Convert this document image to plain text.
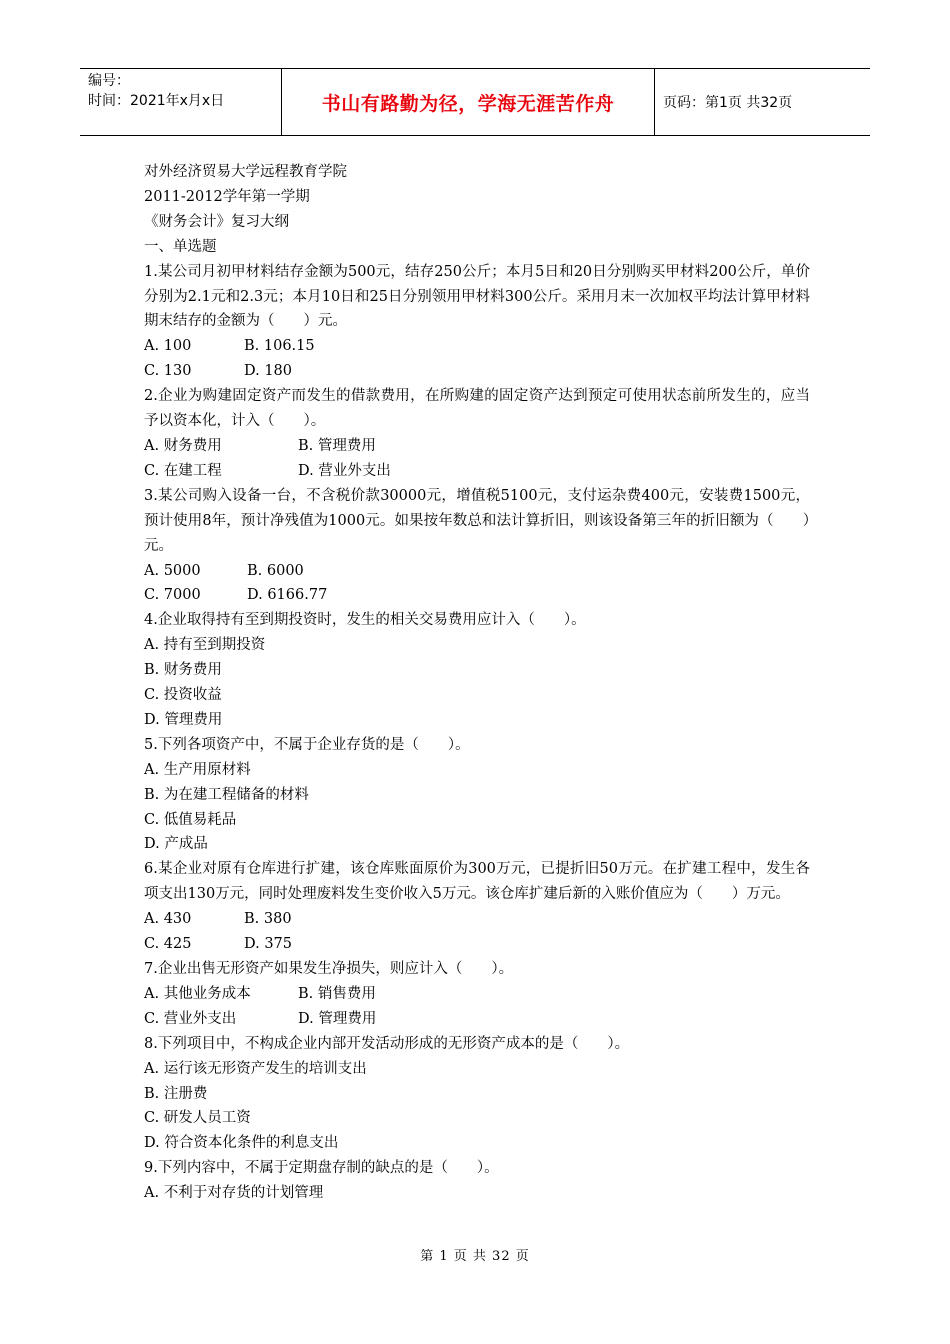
编号：
时间：2021年x月x日	书山有路勤为径，学海无涯苦作舟	页码：第1页 共32页
对外经济贸易大学远程教育学院
2011-2012学年第一学期
《财务会计》复习大纲
一、单选题
1.某公司月初甲材料结存金额为500元，结存250公斤；本月5日和20日分别购买甲材料200公斤，单价分别为2.1元和2.3元；本月10日和25日分别领用甲材料300公斤。采用月末一次加权平均法计算甲材料期末结存的金额为（　　）元。
A. 100	B. 106.15
C. 130	D. 180
2.企业为购建固定资产而发生的借款费用，在所购建的固定资产达到预定可使用状态前所发生的，应当予以资本化，计入（　　）。
A. 财务费用	B. 管理费用
C. 在建工程	D. 营业外支出
3.某公司购入设备一台，不含税价款30000元，增值税5100元，支付运杂费400元，安装费1500元，预计使用8年，预计净残值为1000元。如果按年数总和法计算折旧，则该设备第三年的折旧额为（　　）元。
A. 5000	B. 6000
C. 7000	D. 6166.77
4.企业取得持有至到期投资时，发生的相关交易费用应计入（　　）。
A. 持有至到期投资
B. 财务费用
C. 投资收益
D. 管理费用
5.下列各项资产中，不属于企业存货的是（　　）。
A. 生产用原材料
B. 为在建工程储备的材料
C. 低值易耗品
D. 产成品
6.某企业对原有仓库进行扩建，该仓库账面原价为300万元，已提折旧50万元。在扩建工程中，发生各项支出130万元，同时处理废料发生变价收入5万元。该仓库扩建后新的入账价值应为（　　）万元。
A. 430	B. 380
C. 425	D. 375
7.企业出售无形资产如果发生净损失，则应计入（　　）。
A. 其他业务成本	B. 销售费用
C. 营业外支出	D. 管理费用
8.下列项目中，不构成企业内部开发活动形成的无形资产成本的是（　　）。
A. 运行该无形资产发生的培训支出
B. 注册费
C. 研发人员工资
D. 符合资本化条件的利息支出
9.下列内容中，不属于定期盘存制的缺点的是（　　）。
A. 不利于对存货的计划管理
第 1 页 共 32 页
